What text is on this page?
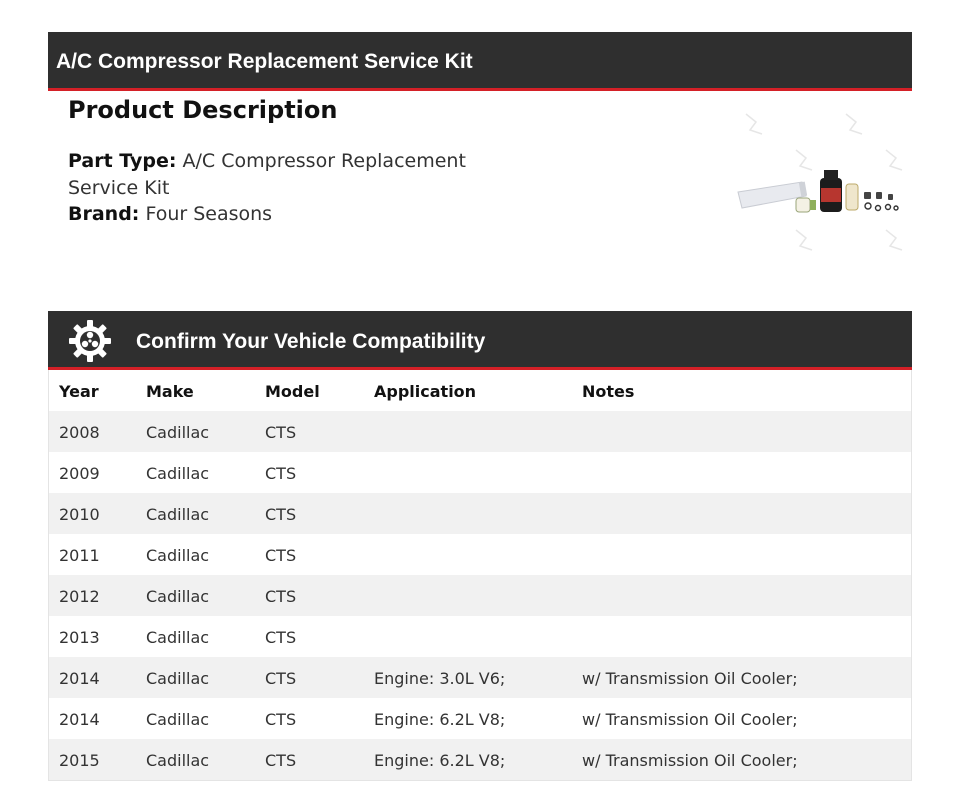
A/C Compressor Replacement Service Kit
Product Description
Part Type: A/C Compressor Replacement
Service Kit
Brand: Four Seasons
Confirm Your Vehicle Compatibility
Year	Make	Model	Application	Notes
2008	Cadillac	CTS
2009	Cadillac	CTS
2010	Cadillac	CTS
2011	Cadillac	CTS
2012	Cadillac	CTS
2013	Cadillac	CTS
2014	Cadillac	CTS	Engine: 3.0L V6;	w/ Transmission Oil Cooler;
2014	Cadillac	CTS	Engine: 6.2L V8;	w/ Transmission Oil Cooler;
2015	Cadillac	CTS	Engine: 6.2L V8;	w/ Transmission Oil Cooler;
